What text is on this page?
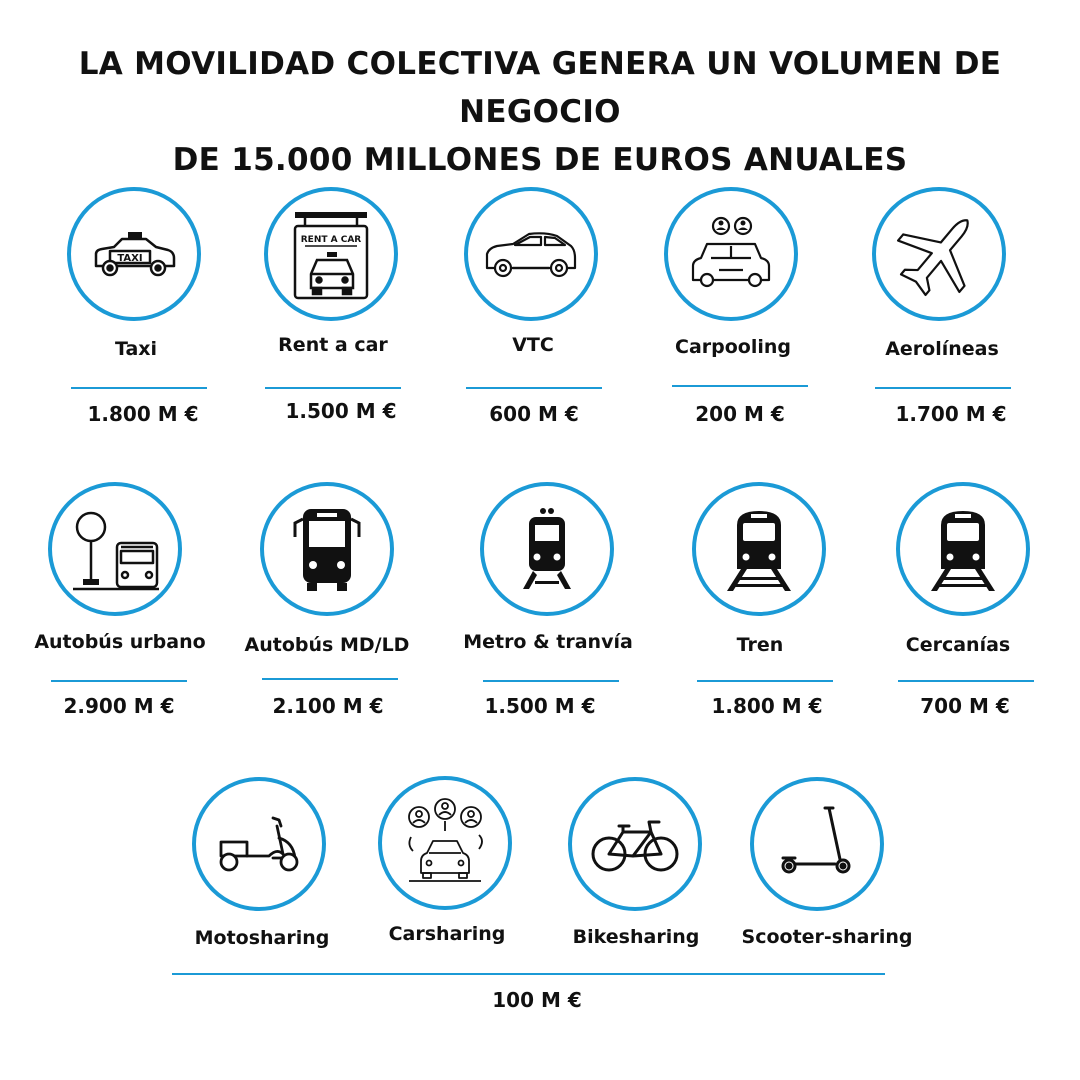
LA MOVILIDAD COLECTIVA GENERA UN VOLUMEN DE NEGOCIO
DE 15.000 MILLONES DE EUROS ANUALES
TAXI
Taxi
1.800 M €
RENT A CAR
Rent a car
1.500 M €
VTC
600 M €
Carpooling
200 M €
Aerolíneas
1.700 M €
Autobús urbano
2.900 M €
Autobús MD/LD
2.100 M €
Metro & tranvía
1.500 M €
Tren
1.800 M €
Cercanías
700 M €
Motosharing	Carsharing	Bikesharing	Scooter-sharing
100 M €
